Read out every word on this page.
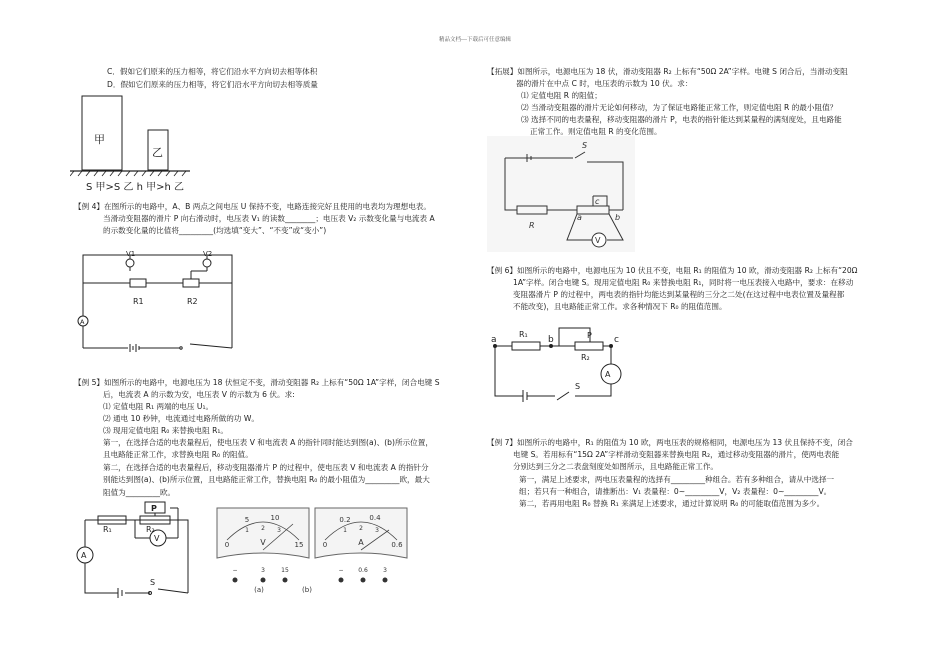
精品文档---下载后可任意编辑
C．假如它们原来的压力相等，将它们沿水平方向切去相等体积
D．假如它们原来的压力相等，将它们沿水平方向切去相等质量
甲
乙
S 甲>S 乙 h 甲>h 乙
【例 4】在图所示的电路中，A、B 两点之间电压 U 保持不变，电路连接完好且使用的电表均为理想电表。
当滑动变阻器的滑片 P 向右滑动时，电压表 V₁ 的读数________；电压表 V₂ 示数变化量与电流表 A
的示数变化量的比值将_________(均选填“变大”、“不变”或“变小”)
V1	V2
R1	R2
A
【例 5】如图所示的电路中，电源电压为 18 伏恒定不变，滑动变阻器 R₂ 上标有“50Ω 1A”字样，闭合电键 S
后，电流表 A 的示数为安，电压表 V 的示数为 6 伏。求:
⑴ 定值电阻 R₁ 两端的电压 U₁。
⑵ 通电 10 秒钟，电流通过电路所做的功 W。
⑶ 现用定值电阻 R₀ 来替换电阻 R₁。
第一，在选择合适的电表量程后，使电压表 V 和电流表 A 的指针同时能达到图(a)、(b)所示位置，
且电路能正常工作，求替换电阻 R₀ 的阻值。
第二，在选择合适的电表量程后，移动变阻器滑片 P 的过程中，使电压表 V 和电流表 A 的指针分
别能达到图(a)、(b)所示位置，且电路能正常工作，替换电阻 R₀ 的最小阻值为_________欧，最大
阻值为_________欧。
P
R₁	R₂
A
V
S
0
5	10
15
1 2 3
V	0
0.2	0.4
0.6
1 2 3
A
−	3	15	− 0.6	3
(a)	(b)
【拓展】如图所示，电源电压为 18 伏，滑动变阻器 R₂ 上标有“50Ω 2A”字样。电键 S 闭合后，当滑动变阻
器的滑片在中点 C 时，电压表的示数为 10 伏。求：
⑴ 定值电阻 R 的阻值；
⑵ 当滑动变阻器的滑片无论如何移动，为了保证电路能正常工作，则定值电阻 R 的最小阻值？
⑶ 选择不同的电表量程，移动变阻器的滑片 P，电表的指针能达到某量程的满刻度处，且电路能
正常工作。则定值电阻 R 的变化范围。
S
R
a
c
b
V
【例 6】如图所示的电路中，电源电压为 10 伏且不变，电阻 R₁ 的阻值为 10 欧，滑动变阻器 R₂ 上标有“20Ω
1A”字样。闭合电键 S。现用定值电阻 R₀ 来替换电阻 R₁，同时将一电压表接入电路中，要求：在移动
变阻器滑片 P 的过程中，两电表的指针均能达到某量程的三分之二处(在这过程中电表位置及量程都
不能改变)，且电路能正常工作。求各种情况下 R₀ 的阻值范围。
a	b	c
R₁
R₂
P
A
S
【例 7】如图所示的电路中，R₁ 的阻值为 10 欧，两电压表的规格相同，电源电压为 13 伏且保持不变，闭合
电键 S。若用标有“15Ω 2A”字样滑动变阻器来替换电阻 R₂，通过移动变阻器的滑片，使两电表能
分别达到三分之二表盘刻度处如图所示，且电路能正常工作。
第一，满足上述要求，两电压表量程的选择有_________种组合。若有多种组合，请从中选择一
组；若只有一种组合，请推断出：V₁ 表量程：0~_________V，V₂ 表量程：0~_________V。
第二，若再用电阻 R₀ 替换 R₁ 来满足上述要求，通过计算说明 R₀ 的可能取值范围为多少。
